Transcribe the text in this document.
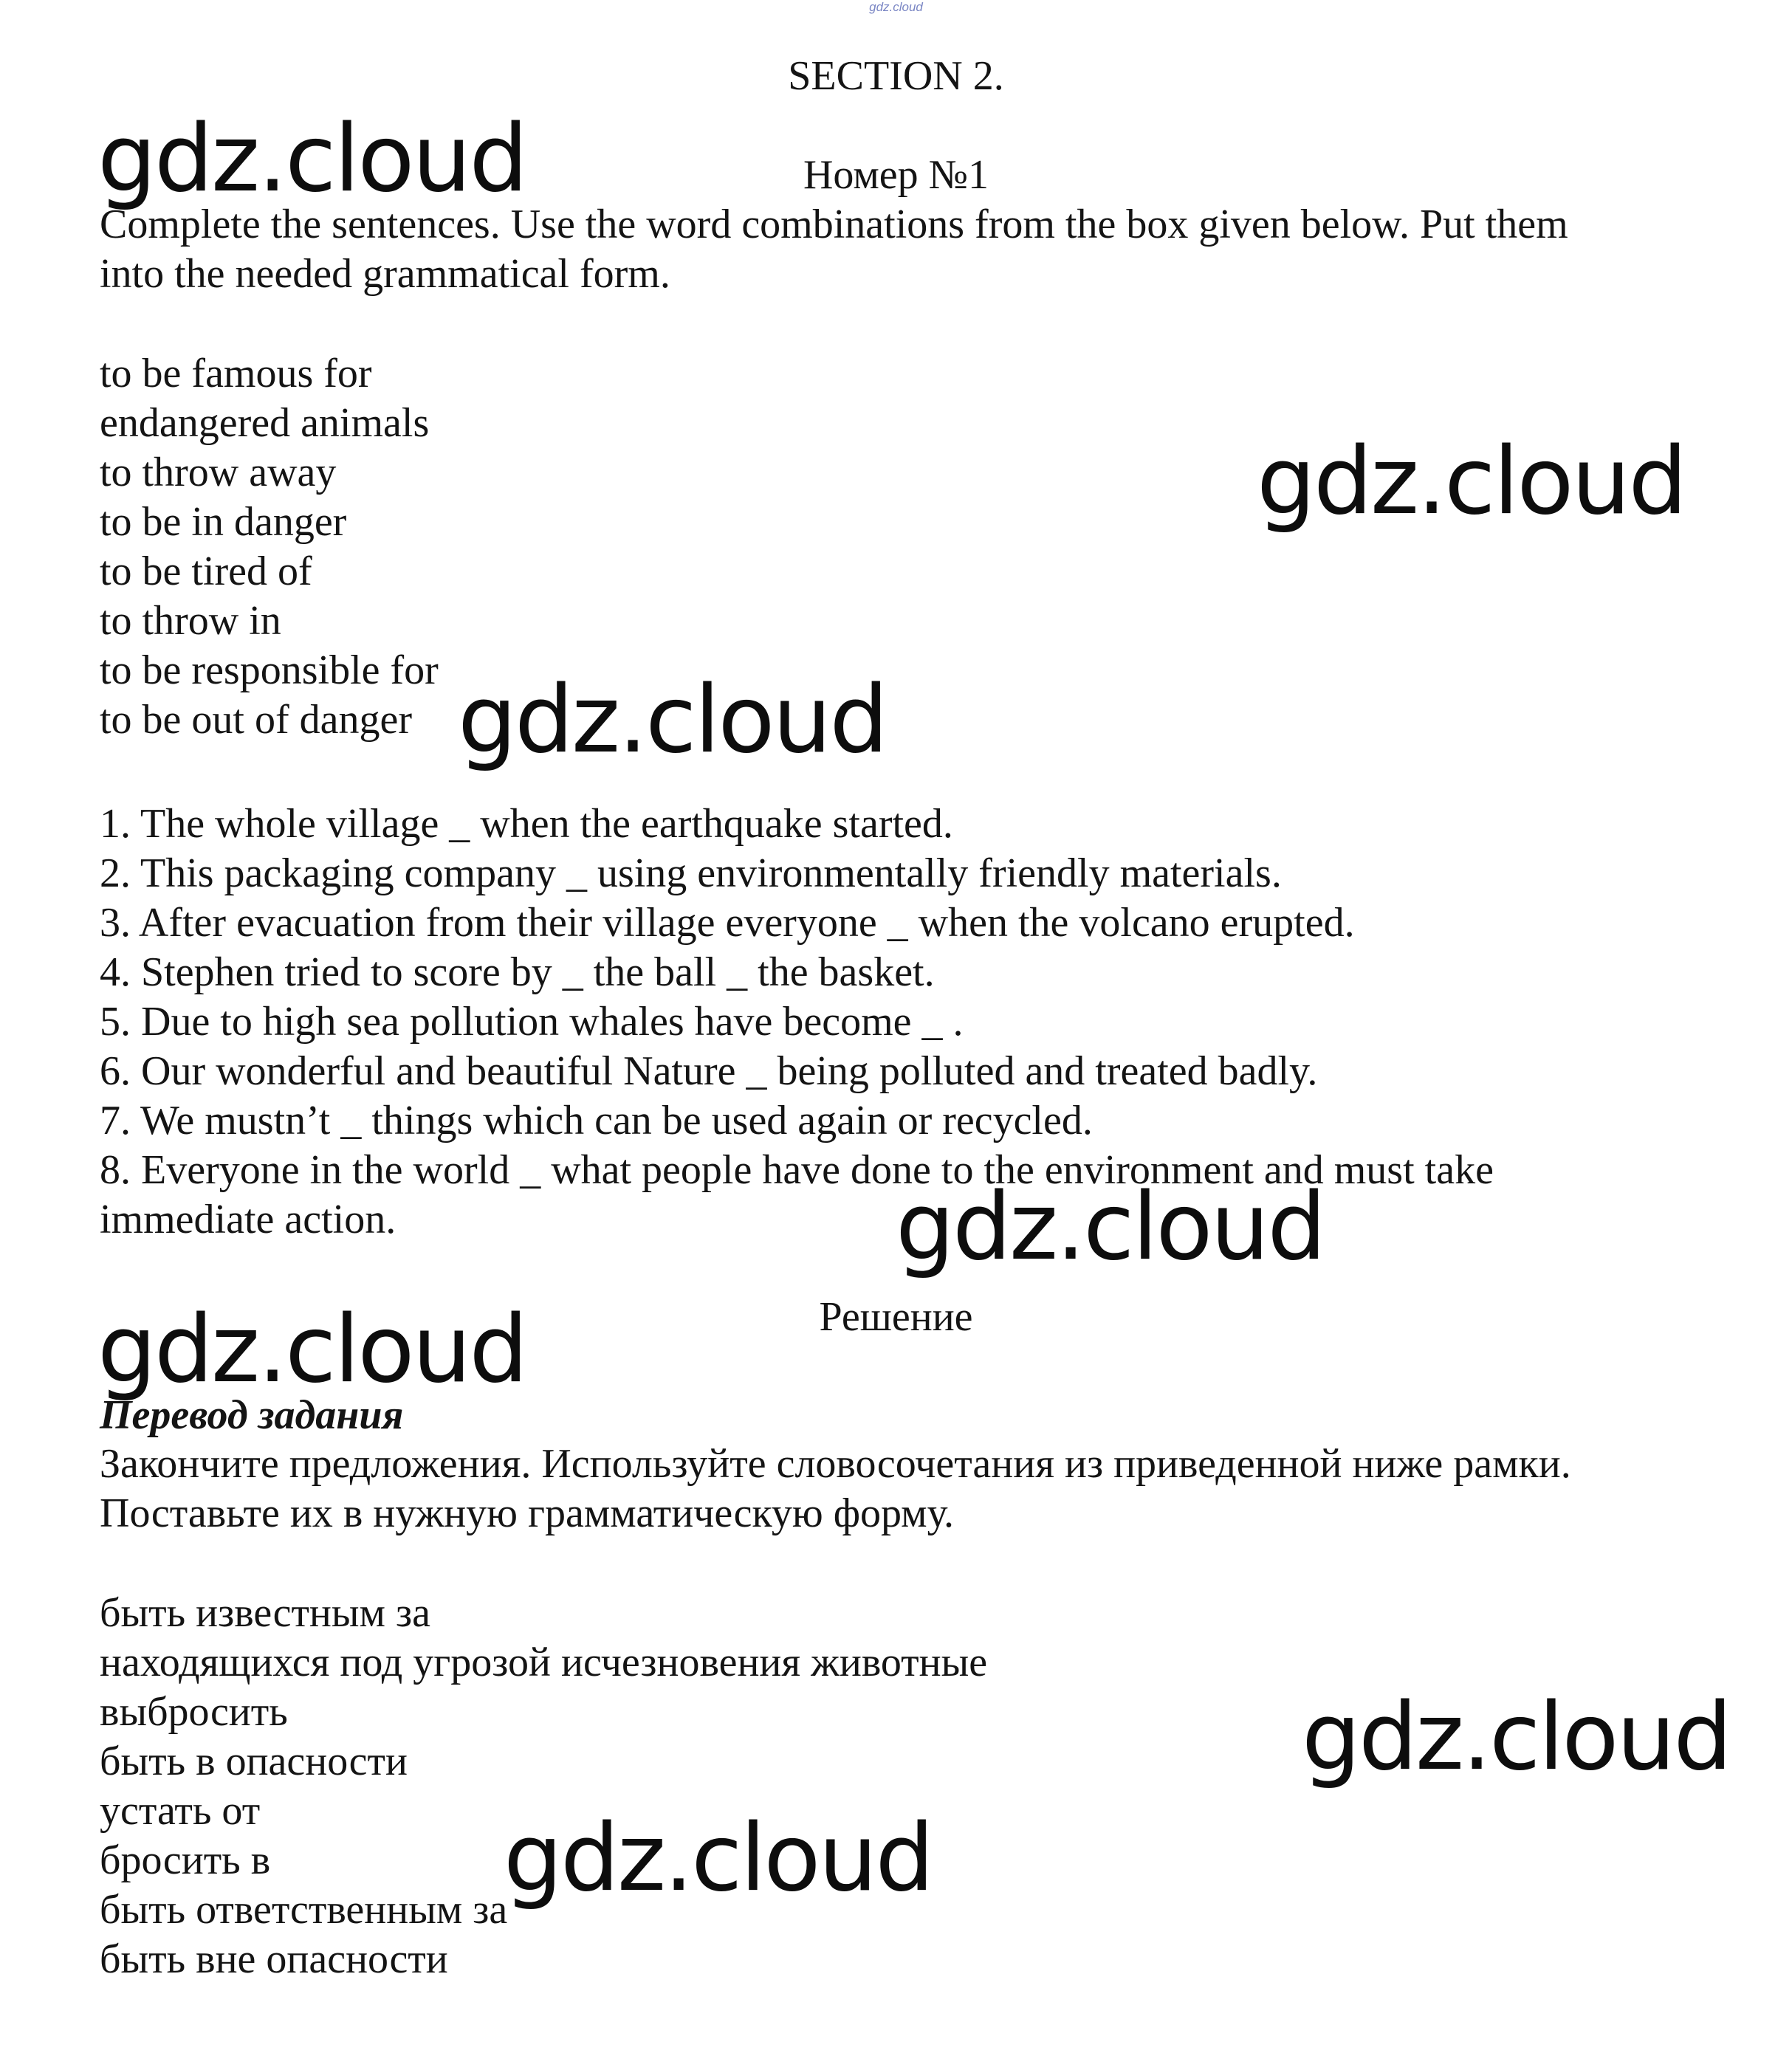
gdz.cloud
SECTION 2.
Номер №1
Complete the sentences. Use the word combinations from the box given below. Put them
into the needed grammatical form.
to be famous for
endangered animals
to throw away
to be in danger
to be tired of
to throw in
to be responsible for
to be out of danger
1. The whole village _ when the earthquake started.
2. This packaging company _ using environmentally friendly materials.
3. After evacuation from their village everyone _ when the volcano erupted.
4. Stephen tried to score by _ the ball _ the basket.
5. Due to high sea pollution whales have become _ .
6. Our wonderful and beautiful Nature _ being polluted and treated badly.
7. We mustn’t _ things which can be used again or recycled.
8. Everyone in the world _ what people have done to the environment and must take
immediate action.
Решение
Перевод задания
Закончите предложения. Используйте словосочетания из приведенной ниже рамки.
Поставьте их в нужную грамматическую форму.
быть известным за
находящихся под угрозой исчезновения животные
выбросить
быть в опасности
устать от
бросить в
быть ответственным за
быть вне опасности
gdz.cloud
gdz.cloud
gdz.cloud
gdz.cloud
gdz.cloud
gdz.cloud
gdz.cloud
